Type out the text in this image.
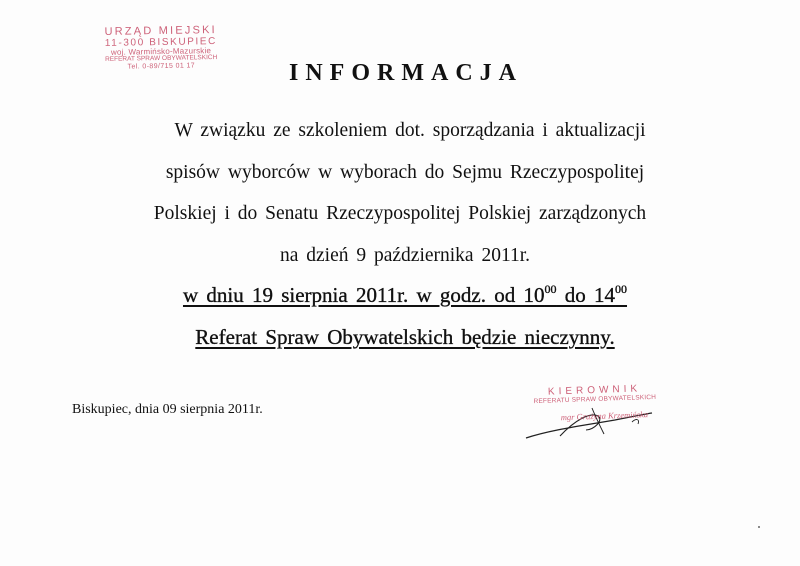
URZĄD MIEJSKI
11-300 BISKUPIEC
woj. Warmińsko-Mazurskie
REFERAT SPRAW OBYWATELSKICH
Tel. 0-89/715 01 17	INFORMACJA
W związku ze szkoleniem dot. sporządzania i aktualizacji
spisów wyborców w wyborach do Sejmu Rzeczypospolitej
Polskiej i do Senatu Rzeczypospolitej Polskiej zarządzonych
na dzień 9 października 2011r.
w dniu 19 sierpnia 2011r. w godz. od $10^{00}$ do $14^{00}$
Referat Spraw Obywatelskich będzie nieczynny.
Biskupiec, dnia 09 sierpnia 2011r.
KIEROWNIK
REFERATU SPRAW OBYWATELSKICH
mgr Grażyna Krzemińska
